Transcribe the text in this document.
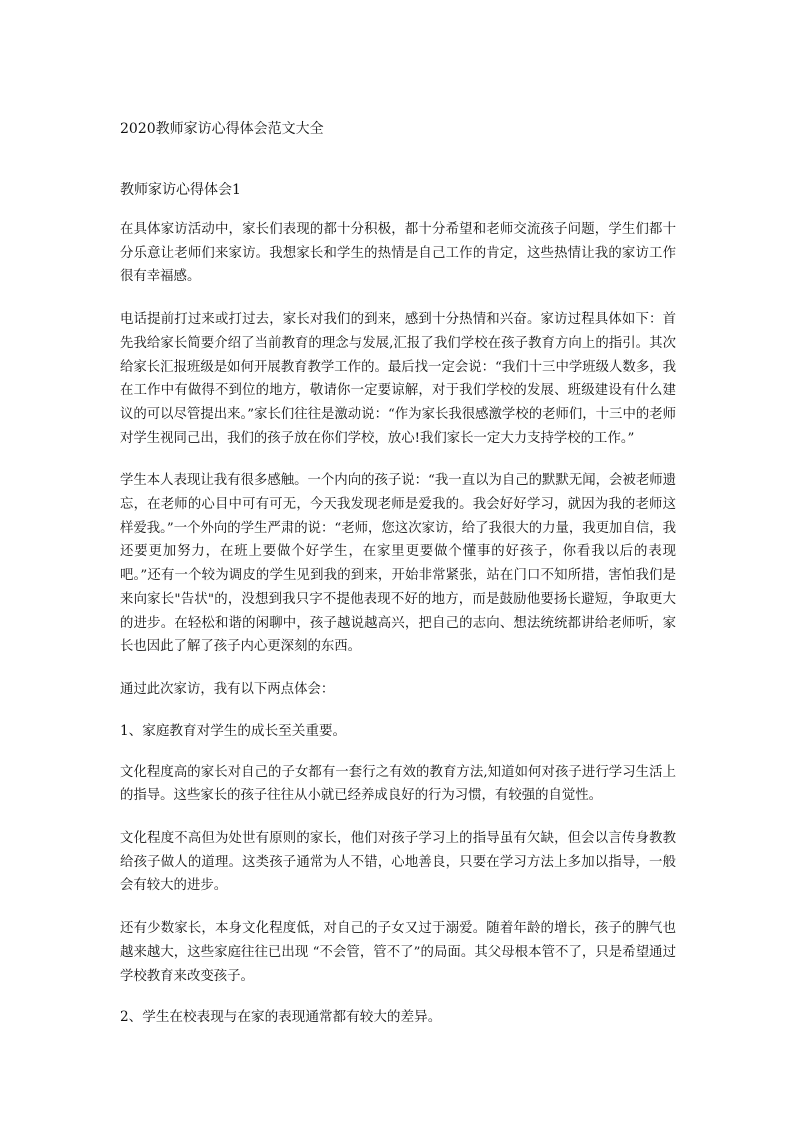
2020教师家访心得体会范文大全
教师家访心得体会1

在具体家访活动中，家长们表现的都十分积极，都十分希望和老师交流孩子问题，学生们都十分乐意让老师们来家访。我想家长和学生的热情是自己工作的肯定，这些热情让我的家访工作很有幸福感。

电话提前打过来或打过去，家长对我们的到来，感到十分热情和兴奋。家访过程具体如下：首先我给家长简要介绍了当前教育的理念与发展,汇报了我们学校在孩子教育方向上的指引。其次给家长汇报班级是如何开展教育教学工作的。最后找一定会说：“我们十三中学班级人数多，我在工作中有做得不到位的地方，敬请你一定要谅解，对于我们学校的发展、班级建设有什么建议的可以尽管提出来。”家长们往往是激动说：“作为家长我很感激学校的老师们，十三中的老师对学生视同己出，我们的孩子放在你们学校，放心!我们家长一定大力支持学校的工作。”

学生本人表现让我有很多感触。一个内向的孩子说：“我一直以为自己的默默无闻，会被老师遗忘，在老师的心目中可有可无，今天我发现老师是爱我的。我会好好学习，就因为我的老师这样爱我。”一个外向的学生严肃的说：“老师，您这次家访，给了我很大的力量，我更加自信，我还要更加努力，在班上要做个好学生，在家里更要做个懂事的好孩子，你看我以后的表现吧。”还有一个较为调皮的学生见到我的到来，开始非常紧张，站在门口不知所措，害怕我们是来向家长"告状"的，没想到我只字不提他表现不好的地方，而是鼓励他要扬长避短，争取更大的进步。在轻松和谐的闲聊中，孩子越说越高兴，把自己的志向、想法统统都讲给老师听，家长也因此了解了孩子内心更深刻的东西。

通过此次家访，我有以下两点体会：

1、家庭教育对学生的成长至关重要。

文化程度高的家长对自己的子女都有一套行之有效的教育方法,知道如何对孩子进行学习生活上的指导。这些家长的孩子往往从小就已经养成良好的行为习惯，有较强的自觉性。

文化程度不高但为处世有原则的家长，他们对孩子学习上的指导虽有欠缺，但会以言传身教教给孩子做人的道理。这类孩子通常为人不错，心地善良，只要在学习方法上多加以指导，一般会有较大的进步。

还有少数家长，本身文化程度低，对自己的子女又过于溺爱。随着年龄的增长，孩子的脾气也越来越大，这些家庭往往已出现 “不会管，管不了”的局面。其父母根本管不了，只是希望通过学校教育来改变孩子。

2、学生在校表现与在家的表现通常都有较大的差异。
